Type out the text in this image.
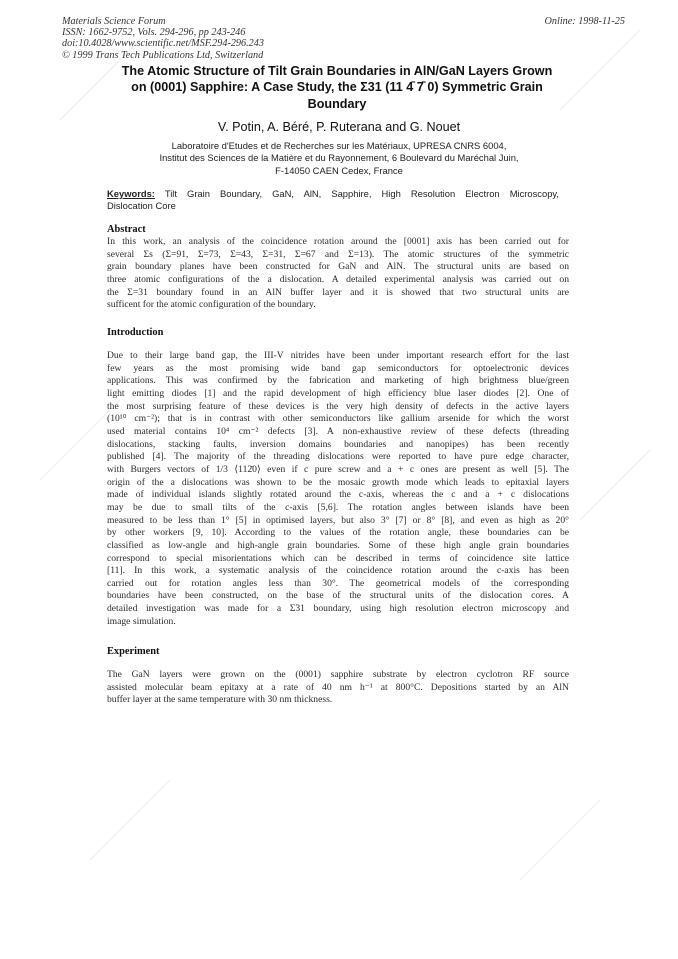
Materials Science Forum
ISSN: 1662-9752, Vols. 294-296, pp 243-246
doi:10.4028/www.scientific.net/MSF.294-296.243
© 1999 Trans Tech Publications Ltd, Switzerland
Online: 1998-11-25
The Atomic Structure of Tilt Grain Boundaries in AlN/GaN Layers Grown
on (0001) Sapphire: A Case Study, the Σ31 (11 4̄ 7̄ 0) Symmetric Grain
Boundary
V. Potin, A. Béré, P. Ruterana and G. Nouet
Laboratoire d'Etudes et de Recherches sur les Matériaux, UPRESA CNRS 6004,
Institut des Sciences de la Matière et du Rayonnement, 6 Boulevard du Maréchal Juin,
F-14050 CAEN Cedex, France
Keywords: Tilt Grain Boundary, GaN, AlN, Sapphire, High Resolution Electron Microscopy,
Dislocation Core
Abstract
In this work, an analysis of the coincidence rotation around the [0001] axis has been carried out for
several Σs (Σ=91, Σ=73, Σ=43, Σ=31, Σ=67 and Σ=13). The atomic structures of the symmetric
grain boundary planes have been constructed for GaN and AlN. The structural units are based on
three atomic configurations of the a dislocation. A detailed experimental analysis was carried out on
the Σ=31 boundary found in an AlN buffer layer and it is showed that two structural units are
sufficent for the atomic configuration of the boundary.
Introduction
Due to their large band gap, the III-V nitrides have been under important research effort for the last
few years as the most promising wide band gap semiconductors for optoelectronic devices
applications. This was confirmed by the fabrication and marketing of high brightness blue/green
light emitting diodes [1] and the rapid development of high efficiency blue laser diodes [2]. One of
the most surprising feature of these devices is the very high density of defects in the active layers
(10¹⁰ cm⁻²); that is in contrast with other semiconductors like gallium arsenide for which the worst
used material contains 10⁴ cm⁻² defects [3]. A non-exhaustive review of these defects (threading
dislocations, stacking faults, inversion domains boundaries and nanopipes) has been recently
published [4]. The majority of the threading dislocations were reported to have pure edge character,
with Burgers vectors of 1/3 ⟨112̄0⟩ even if c pure screw and a + c ones are present as well [5]. The
origin of the a dislocations was shown to be the mosaic growth mode which leads to epitaxial layers
made of individual islands slightly rotated around the c-axis, whereas the c and a + c dislocations
may be due to small tilts of the c-axis [5,6]. The rotation angles between islands have been
measured to be less than 1° [5] in optimised layers, but also 3° [7] or 8° [8], and even as high as 20°
by other workers [9, 10]. According to the values of the rotation angle, these boundaries can be
classified as low-angle and high-angle grain boundaries. Some of these high angle grain boundaries
correspond to special misorientations which can be described in terms of coincidence site lattice
[11]. In this work, a systematic analysis of the coincidence rotation around the c-axis has been
carried out for rotation angles less than 30°. The geometrical models of the corresponding
boundaries have been constructed, on the base of the structural units of the dislocation cores. A
detailed investigation was made for a Σ31 boundary, using high resolution electron microscopy and
image simulation.
Experiment
The GaN layers were grown on the (0001) sapphire substrate by electron cyclotron RF source
assisted molecular beam epitaxy at a rate of 40 nm h⁻¹ at 800°C. Depositions started by an AlN
buffer layer at the same temperature with 30 nm thickness.
